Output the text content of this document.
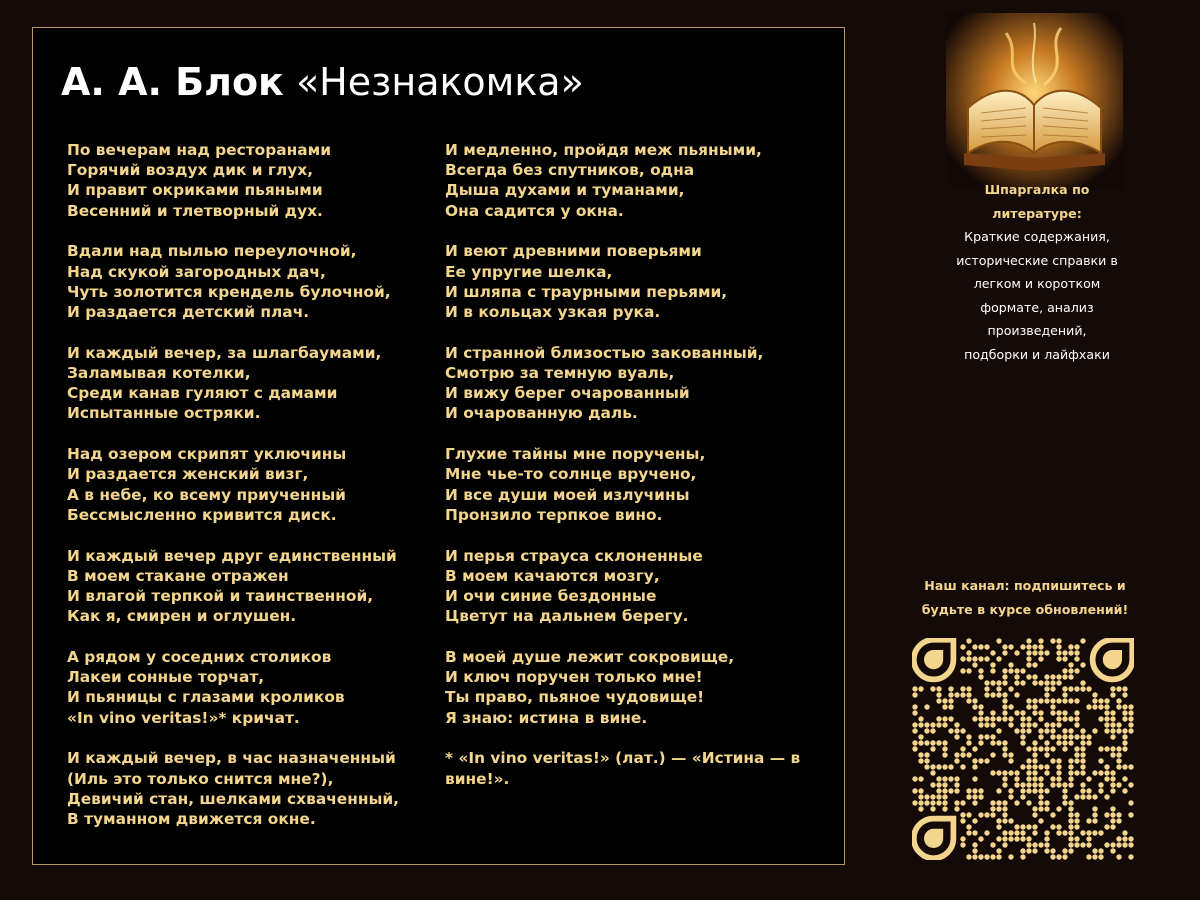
А. А. Блок «Незнакомка»
По вечерам над ресторанами
Горячий воздух дик и глух,
И правит окриками пьяными
Весенний и тлетворный дух.
Вдали над пылью переулочной,
Над скукой загородных дач,
Чуть золотится крендель булочной,
И раздается детский плач.
И каждый вечер, за шлагбаумами,
Заламывая котелки,
Среди канав гуляют с дамами
Испытанные остряки.
Над озером скрипят уключины
И раздается женский визг,
А в небе, ко всему приученный
Бессмысленно кривится диск.
И каждый вечер друг единственный
В моем стакане отражен
И влагой терпкой и таинственной,
Как я, смирен и оглушен.
А рядом у соседних столиков
Лакеи сонные торчат,
И пьяницы с глазами кроликов
«In vino veritas!»* кричат.
И каждый вечер, в час назначенный
(Иль это только снится мне?),
Девичий стан, шелками схваченный,
В туманном движется окне.
И медленно, пройдя меж пьяными,
Всегда без спутников, одна
Дыша духами и туманами,
Она садится у окна.
И веют древними поверьями
Ее упругие шелка,
И шляпа с траурными перьями,
И в кольцах узкая рука.
И странной близостью закованный,
Смотрю за темную вуаль,
И вижу берег очарованный
И очарованную даль.
Глухие тайны мне поручены,
Мне чье-то солнце вручено,
И все души моей излучины
Пронзило терпкое вино.
И перья страуса склоненные
В моем качаются мозгу,
И очи синие бездонные
Цветут на дальнем берегу.
В моей душе лежит сокровище,
И ключ поручен только мне!
Ты право, пьяное чудовище!
Я знаю: истина в вине.
* «In vino veritas!» (лат.) — «Истина — в вине!».
Шпаргалка по
литературе:
Краткие содержания,
исторические справки в
легком и коротком
формате, анализ
произведений,
подборки и лайфхаки
Наш канал: подпишитесь и
будьте в курсе обновлений!
